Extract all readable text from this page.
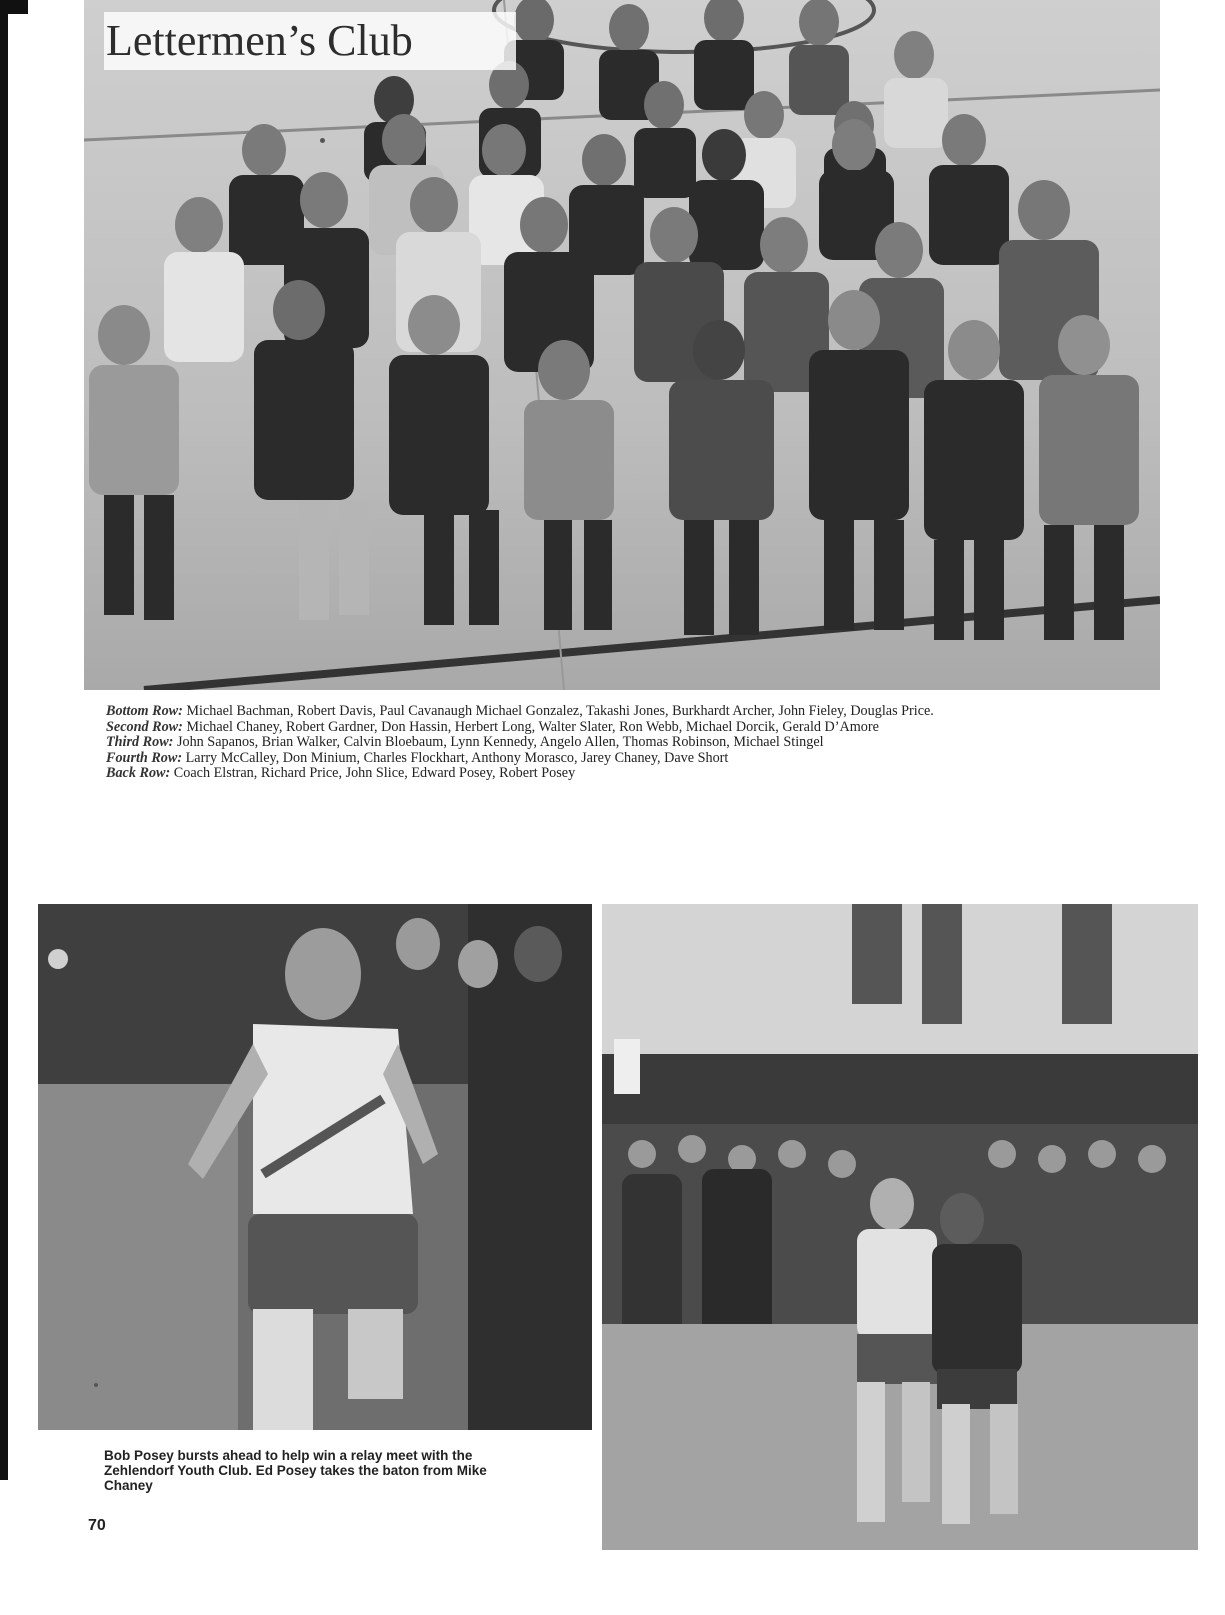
Lettermen’s Club

Bottom Row: Michael Bachman, Robert Davis, Paul Cavanaugh Michael Gonzalez, Takashi Jones, Burkhardt Archer, John Fieley, Douglas Price.

Second Row: Michael Chaney, Robert Gardner, Don Hassin, Herbert Long, Walter Slater, Ron Webb, Michael Dorcik, Gerald D’Amore

Third Row: John Sapanos, Brian Walker, Calvin Bloebaum, Lynn Kennedy, Angelo Allen, Thomas Robinson, Michael Stingel

Fourth Row: Larry McCalley, Don Minium, Charles Flockhart, Anthony Morasco, Jarey Chaney, Dave Short

Back Row: Coach Elstran, Richard Price, John Slice, Edward Posey, Robert Posey

Bob Posey bursts ahead to help win a relay meet with the Zehlendorf Youth Club. Ed Posey takes the baton from Mike Chaney
70
